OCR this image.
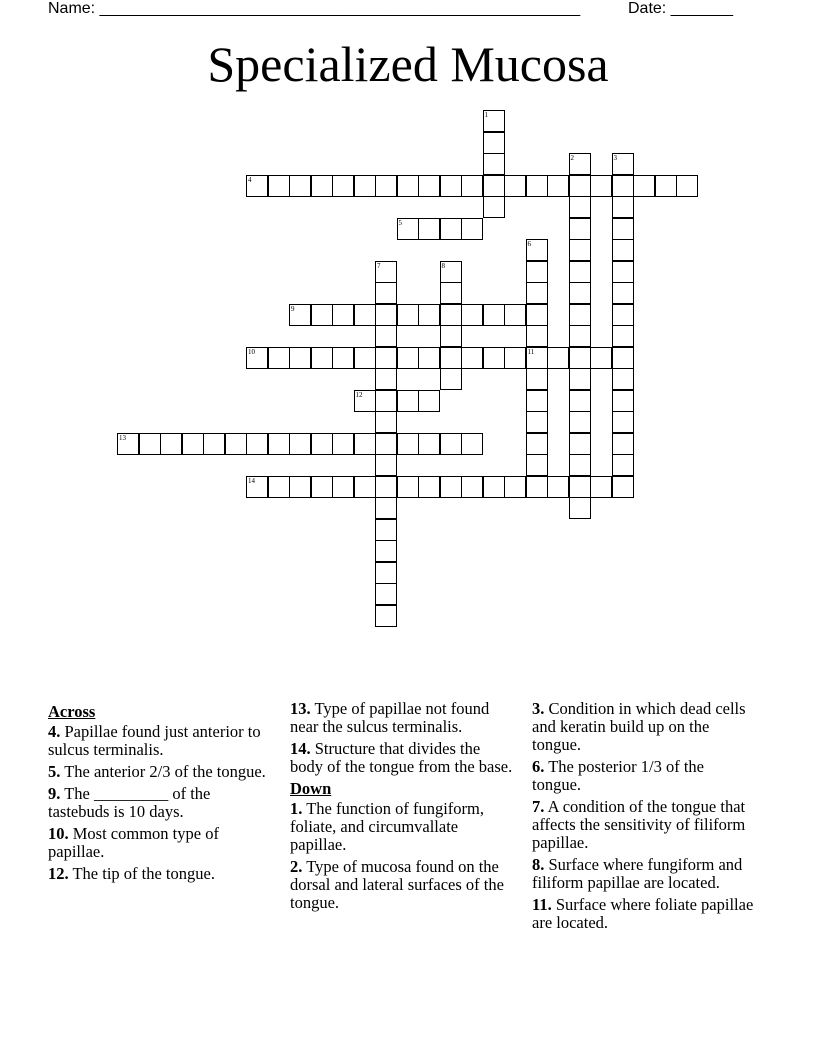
Name: ______________________________________________________	Date: _______
Specialized Mucosa
4
5
9
10	11
12
13
14
1
2	3
6
7	8
Across
4. Papillae found just anterior to sulcus terminalis.
5. The anterior 2/3 of the tongue.
9. The _________ of the tastebuds is 10 days.
10. Most common type of papillae.
12. The tip of the tongue.
13. Type of papillae not found near the sulcus terminalis.
14. Structure that divides the body of the tongue from the base.
Down
1. The function of fungiform, foliate, and circumvallate papillae.
2. Type of mucosa found on the dorsal and lateral surfaces of the tongue.
3. Condition in which dead cells and keratin build up on the tongue.
6. The posterior 1/3 of the tongue.
7. A condition of the tongue that affects the sensitivity of filiform papillae.
8. Surface where fungiform and filiform papillae are located.
11. Surface where foliate papillae are located.
